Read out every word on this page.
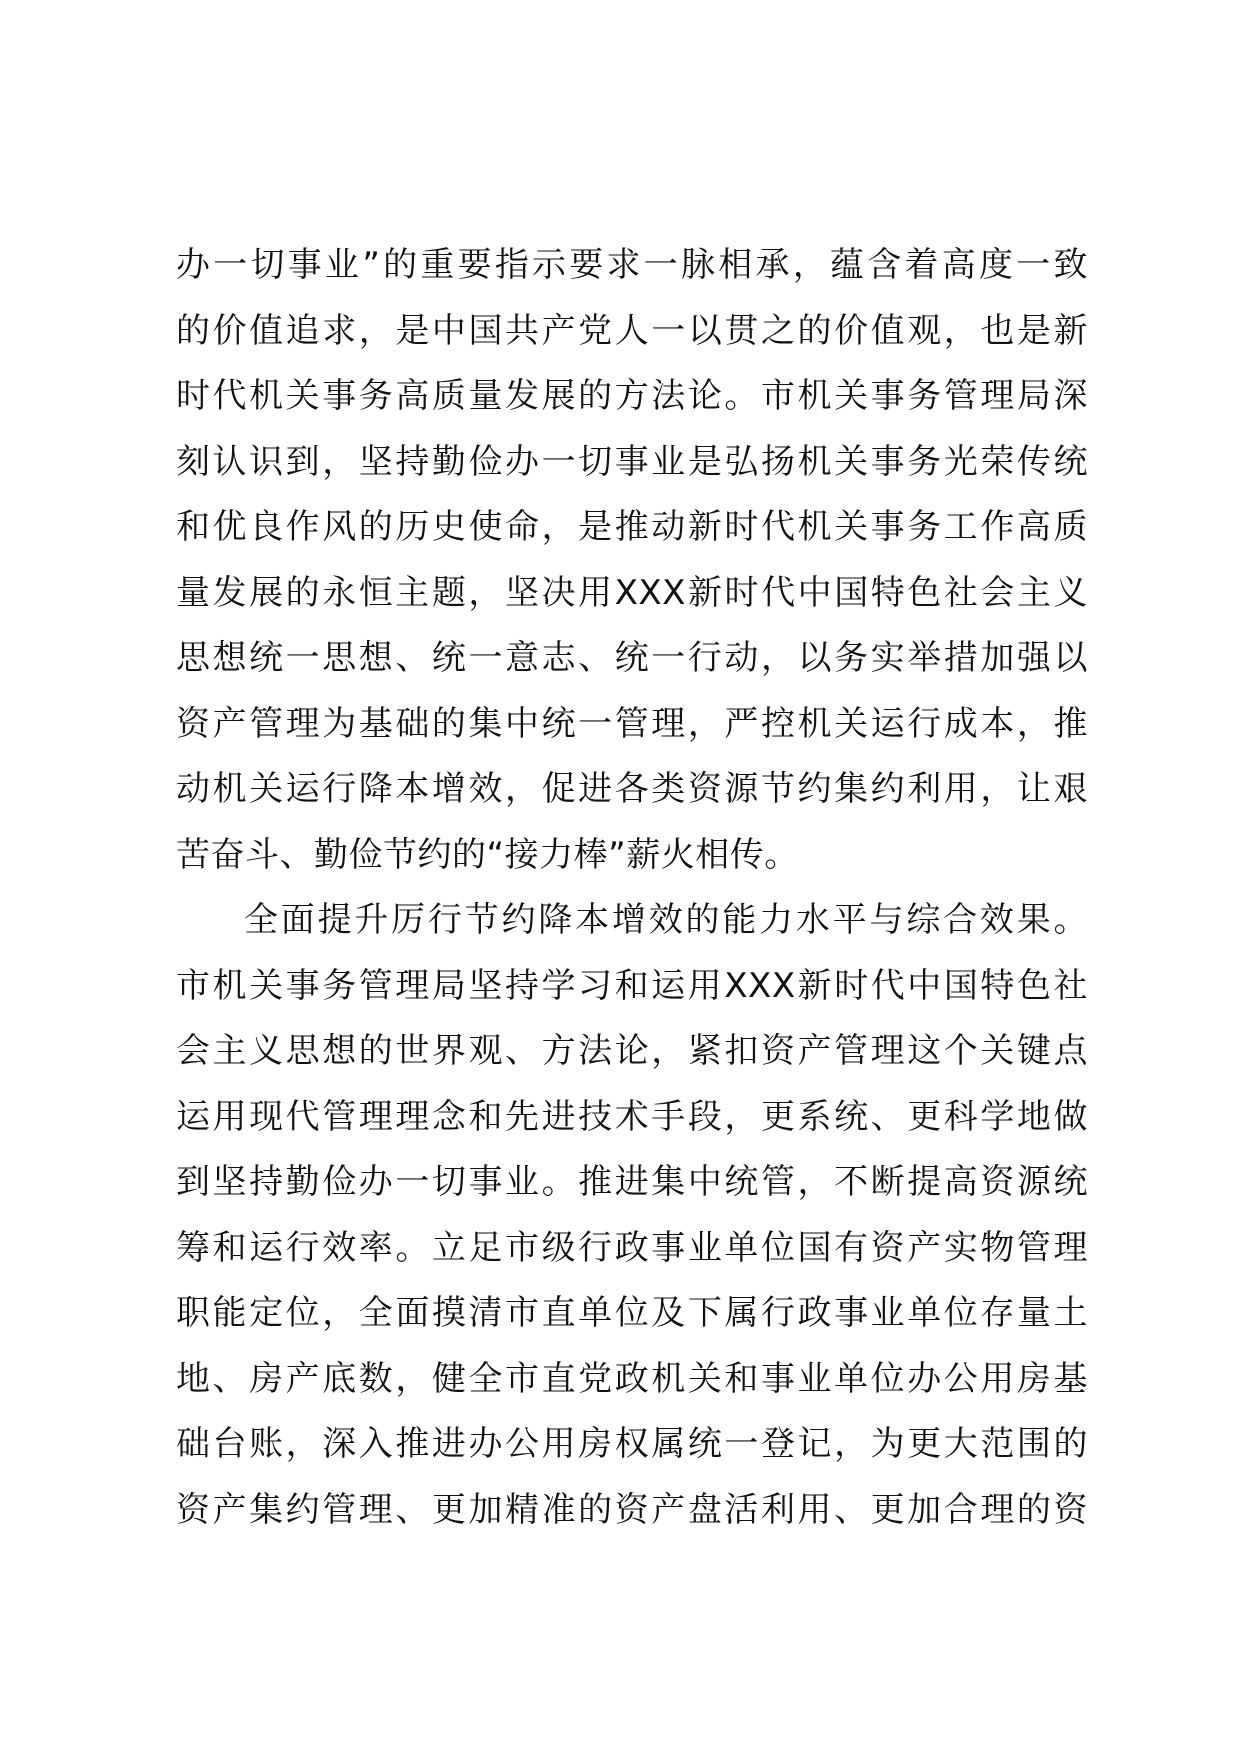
办一切事业”的重要指示要求一脉相承，蕴含着高度一致
的价值追求，是中国共产党人一以贯之的价值观，也是新
时代机关事务高质量发展的方法论。市机关事务管理局深
刻认识到，坚持勤俭办一切事业是弘扬机关事务光荣传统
和优良作风的历史使命，是推动新时代机关事务工作高质
量发展的永恒主题，坚决用XXX新时代中国特色社会主义
思想统一思想、统一意志、统一行动，以务实举措加强以
资产管理为基础的集中统一管理，严控机关运行成本，推
动机关运行降本增效，促进各类资源节约集约利用，让艰
苦奋斗、勤俭节约的“接力棒”薪火相传。
全面提升厉行节约降本增效的能力水平与综合效果。
市机关事务管理局坚持学习和运用XXX新时代中国特色社
会主义思想的世界观、方法论，紧扣资产管理这个关键点
运用现代管理理念和先进技术手段，更系统、更科学地做
到坚持勤俭办一切事业。推进集中统管，不断提高资源统
筹和运行效率。立足市级行政事业单位国有资产实物管理
职能定位，全面摸清市直单位及下属行政事业单位存量土
地、房产底数，健全市直党政机关和事业单位办公用房基
础台账，深入推进办公用房权属统一登记，为更大范围的
资产集约管理、更加精准的资产盘活利用、更加合理的资
